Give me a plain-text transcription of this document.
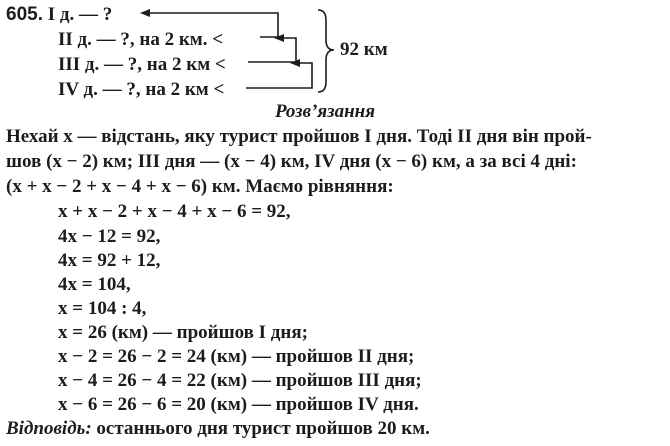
605. І д. — ?
ІІ д. — ?, на 2 км. <
ІІІ д. — ?, на 2 км <
ІV д. — ?, на 2 км <
92 км
Розв’язання
Нехай x — відстань, яку турист пройшов І дня. Тоді ІІ дня він прой-
шов (x − 2) км; ІІІ дня — (x − 4) км, ІV дня (x − 6) км, а за всі 4 дні:
(x + x − 2 + x − 4 + x − 6) км. Маємо рівняння:
x + x − 2 + x − 4 + x − 6 = 92,
4x − 12 = 92,
4x = 92 + 12,
4x = 104,
x = 104 : 4,
x = 26 (км) — пройшов І дня;
x − 2 = 26 − 2 = 24 (км) — пройшов ІІ дня;
x − 4 = 26 − 4 = 22 (км) — пройшов ІІІ дня;
x − 6 = 26 − 6 = 20 (км) — пройшов ІV дня.
Відповідь: останнього дня турист пройшов 20 км.
